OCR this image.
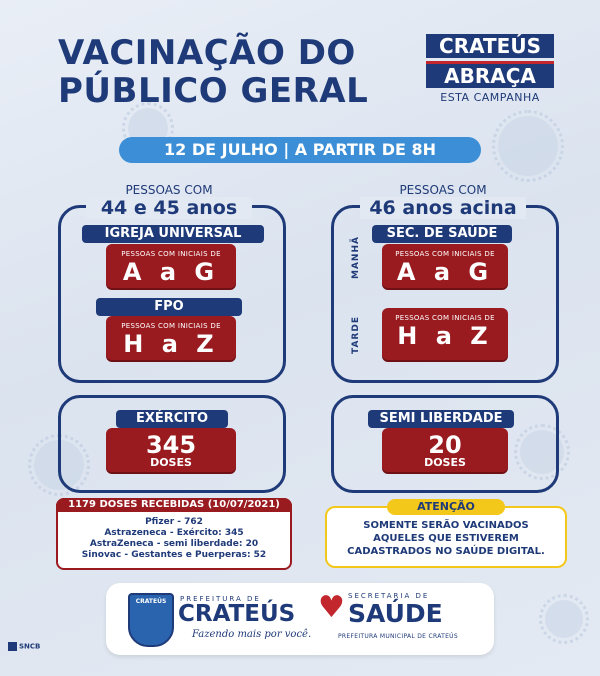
VACINAÇÃO DO
PÚBLICO GERAL
CRATEÚS
ABRAÇA
ESTA CAMPANHA
12 DE JULHO | A PARTIR DE 8H
PESSOAS COM
44 e 45 anos
IGREJA UNIVERSAL
PESSOAS COM INICIAIS DE
A a G
FPO
PESSOAS COM INICIAIS DE
H a Z
PESSOAS COM
46 anos acina
SEC. DE SAÚDE
MANHÃ	PESSOAS COM INICIAIS DE
A a G
TARDE	PESSOAS COM INICIAIS DE
H a Z
EXÉRCITO
345
DOSES
SEMI LIBERDADE
20
DOSES
1179 DOSES RECEBIDAS (10/07/2021)
Pfizer - 762
Astrazeneca - Exército: 345
AstraZeneca - semi liberdade: 20
Sinovac - Gestantes e Puerperas: 52
ATENÇÃO
SOMENTE SERÃO VACINADOS
AQUELES QUE ESTIVEREM
CADASTRADOS NO SAÚDE DIGITAL.
CRATEÚS PREFEITURA DE
CRATEÚS
Fazendo mais por você.
♥ SECRETARIA DE
SAÚDE
PREFEITURA MUNICIPAL DE CRATEÚS
SNCB
